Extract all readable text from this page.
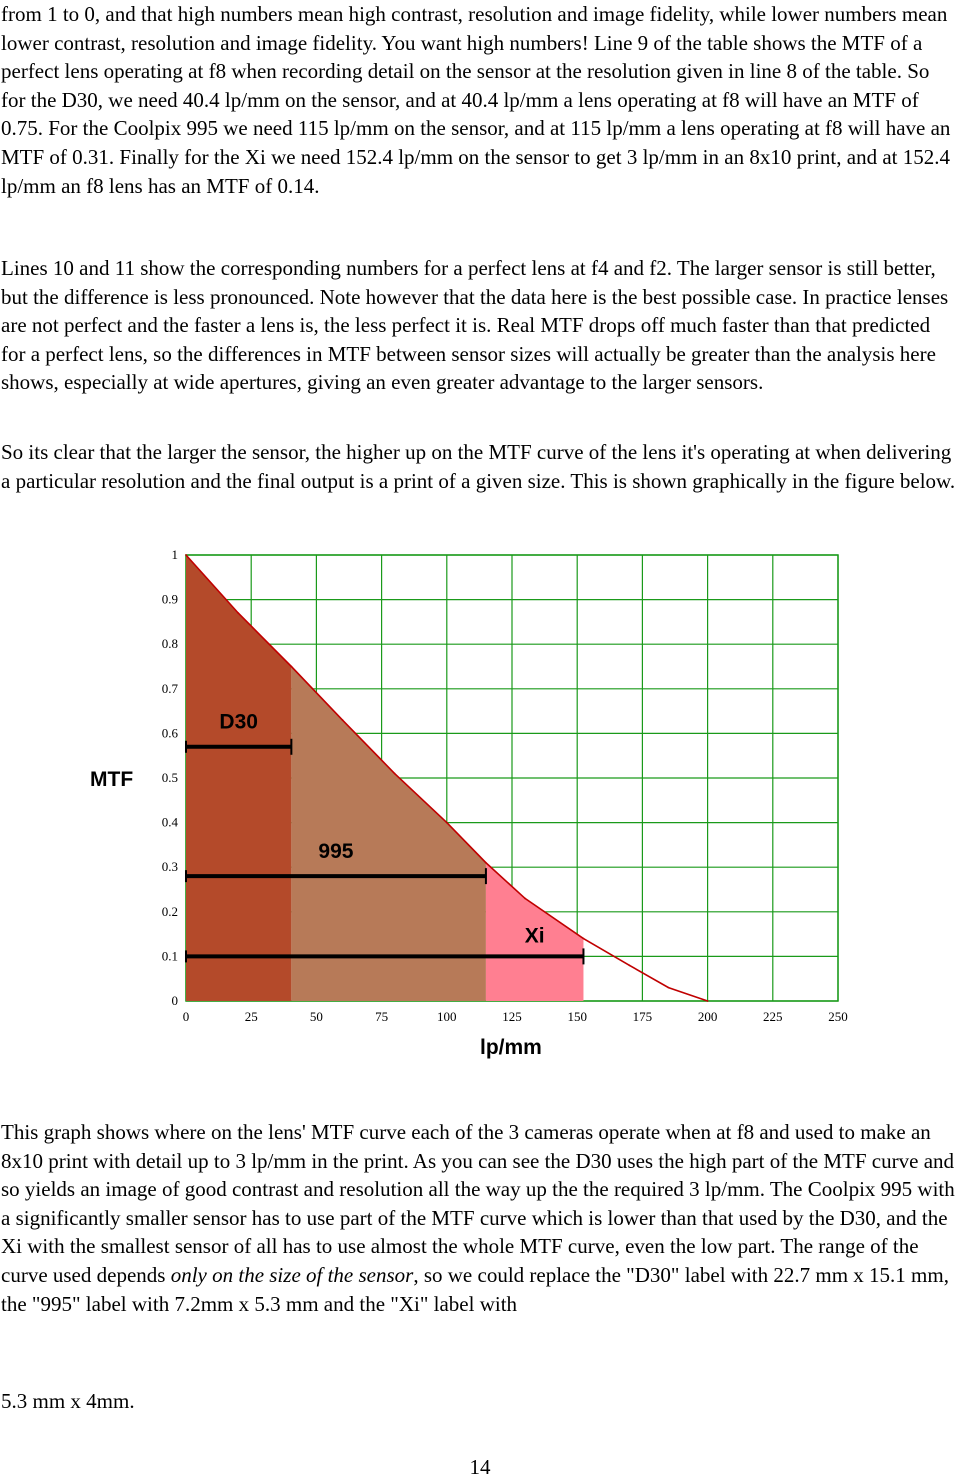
from 1 to 0, and that high numbers mean high contrast, resolution and image fidelity, while lower numbers mean lower contrast, resolution and image fidelity. You want high numbers! Line 9 of the table shows the MTF of a perfect lens operating at f8 when recording detail on the sensor at the resolution given in line 8 of the table. So for the D30, we need 40.4 lp/mm on the sensor, and at 40.4 lp/mm a lens operating at f8 will have an MTF of 0.75. For the Coolpix 995 we need 115 lp/mm on the sensor, and at 115 lp/mm a lens operating at f8 will have an MTF of 0.31. Finally for the Xi we need 152.4 lp/mm on the sensor to get 3 lp/mm in an 8x10 print, and at 152.4 lp/mm an f8 lens has an MTF of 0.14.

Lines 10 and 11 show the corresponding numbers for a perfect lens at f4 and f2. The larger sensor is still better, but the difference is less pronounced. Note however that the data here is the best possible case. In practice lenses are not perfect and the faster a lens is, the less perfect it is. Real MTF drops off much faster than that predicted for a perfect lens, so the differences in MTF between sensor sizes will actually be greater than the analysis here shows, especially at wide apertures, giving an even greater advantage to the larger sensors.

So its clear that the larger the sensor, the higher up on the MTF curve of the lens it's operating at when delivering a particular resolution and the final output is a print of a given size. This is shown graphically in the figure below.

D30
995
Xi
0	25	50	75	100	125	150	175	200	225	250
0
0.1
0.2
0.3
0.4
0.5
0.6
0.7
0.8
0.9
1
MTF
lp/mm

This graph shows where on the lens' MTF curve each of the 3 cameras operate when at f8 and used to make an 8x10 print with detail up to 3 lp/mm in the print. As you can see the D30 uses the high part of the MTF curve and so yields an image of good contrast and resolution all the way up the the required 3 lp/mm. The Coolpix 995 with a significantly smaller sensor has to use part of the MTF curve which is lower than that used by the D30, and the Xi with the smallest sensor of all has to use almost the whole MTF curve, even the low part. The range of the curve used depends only on the size of the sensor, so we could replace the "D30" label with 22.7 mm x 15.1 mm, the "995" label with 7.2mm x 5.3 mm and the "Xi" label with

5.3 mm x 4mm.

14
